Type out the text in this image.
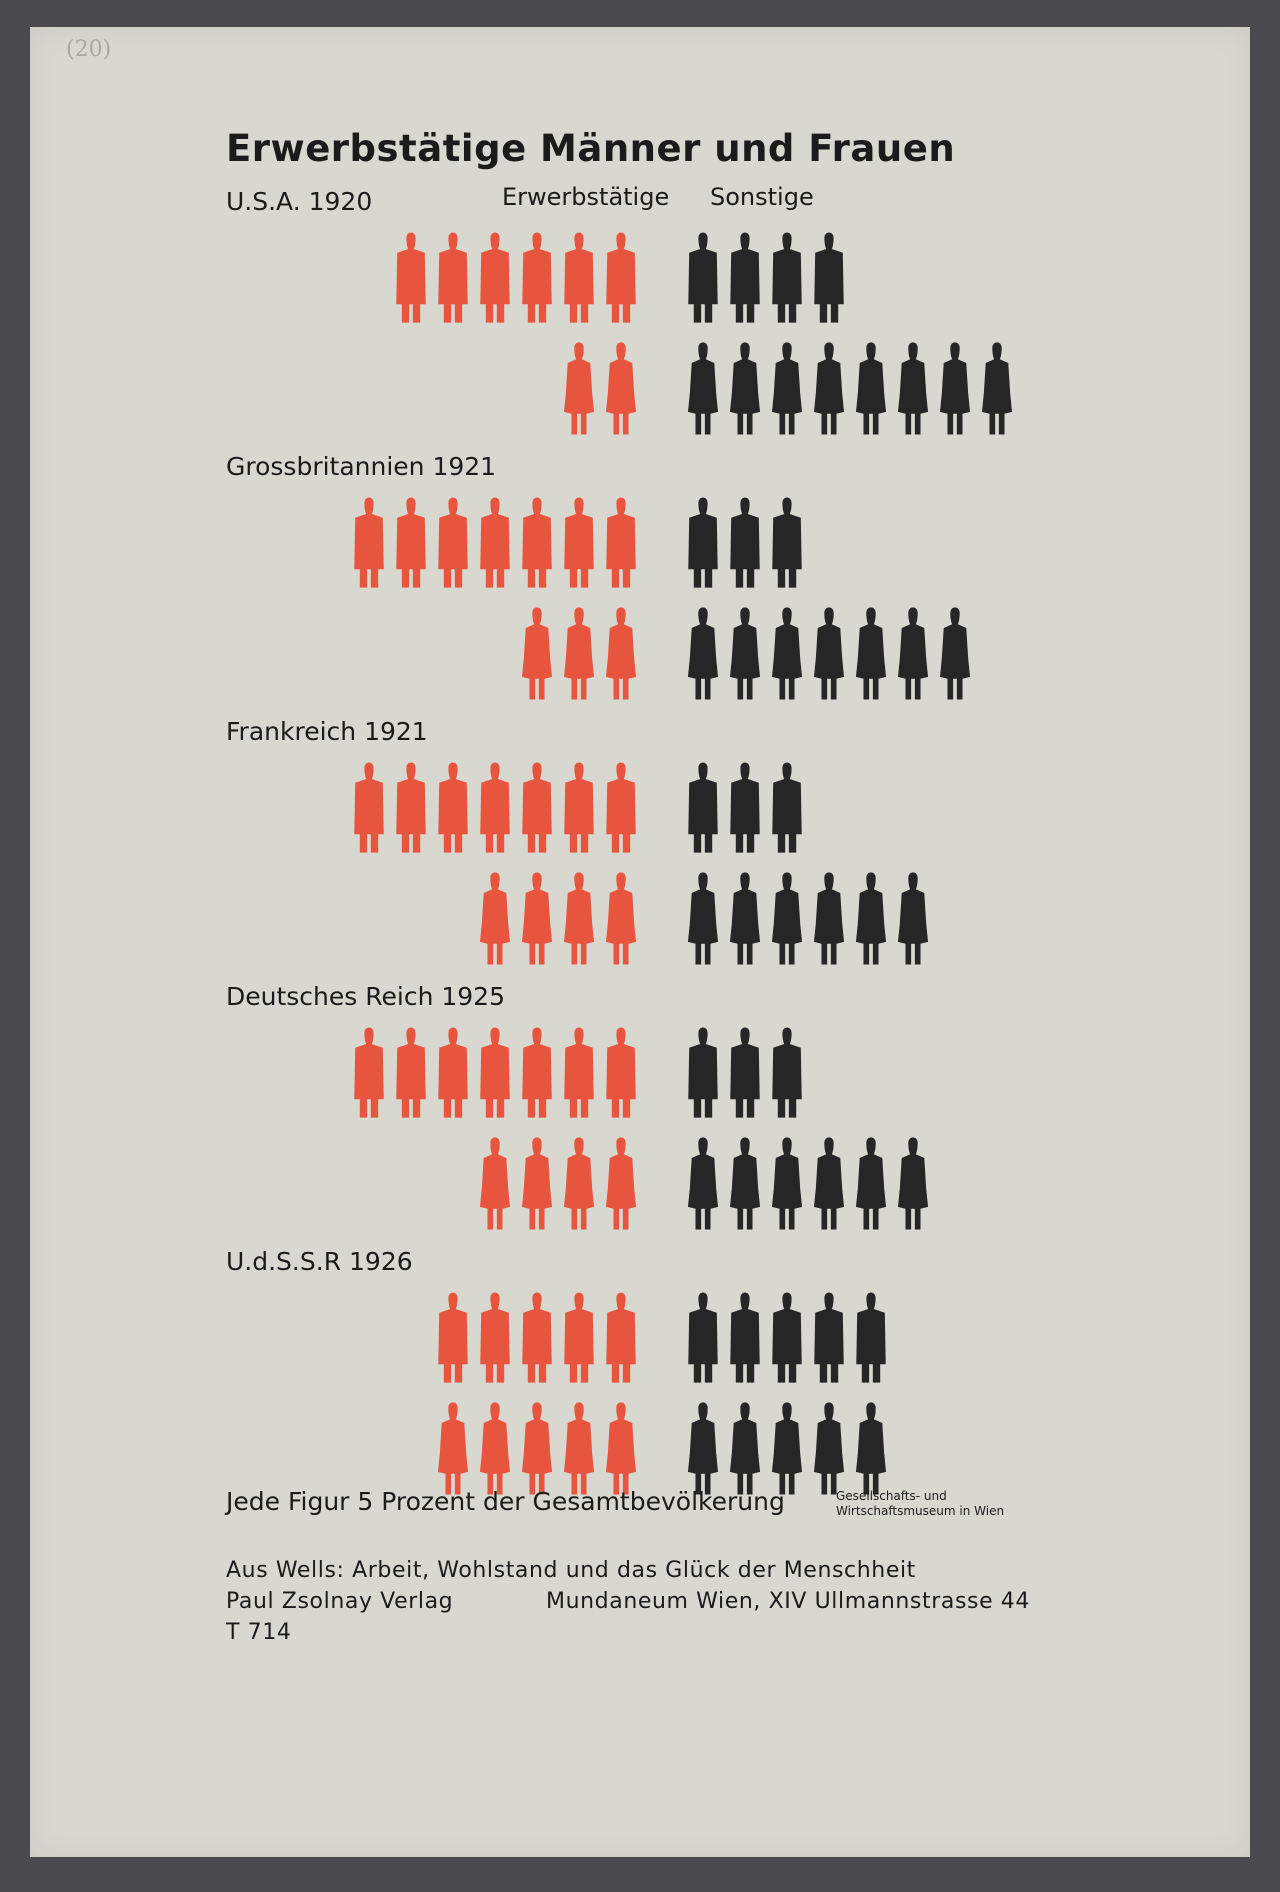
(20)
Erwerbstätige Männer und Frauen
Erwerbstätige Sonstige
U.S.A. 1920
Grossbritannien 1921
Frankreich 1921
Deutsches Reich 1925
U.d.S.S.R 1926
Jede Figur 5 Prozent der Gesamtbevölkerung	Gesellschafts- und Wirtschaftsmuseum in Wien
Aus Wells: Arbeit, Wohlstand und das Glück der Menschheit
Paul Zsolnay Verlag	Mundaneum Wien, XIV Ullmannstrasse 44
T 714
